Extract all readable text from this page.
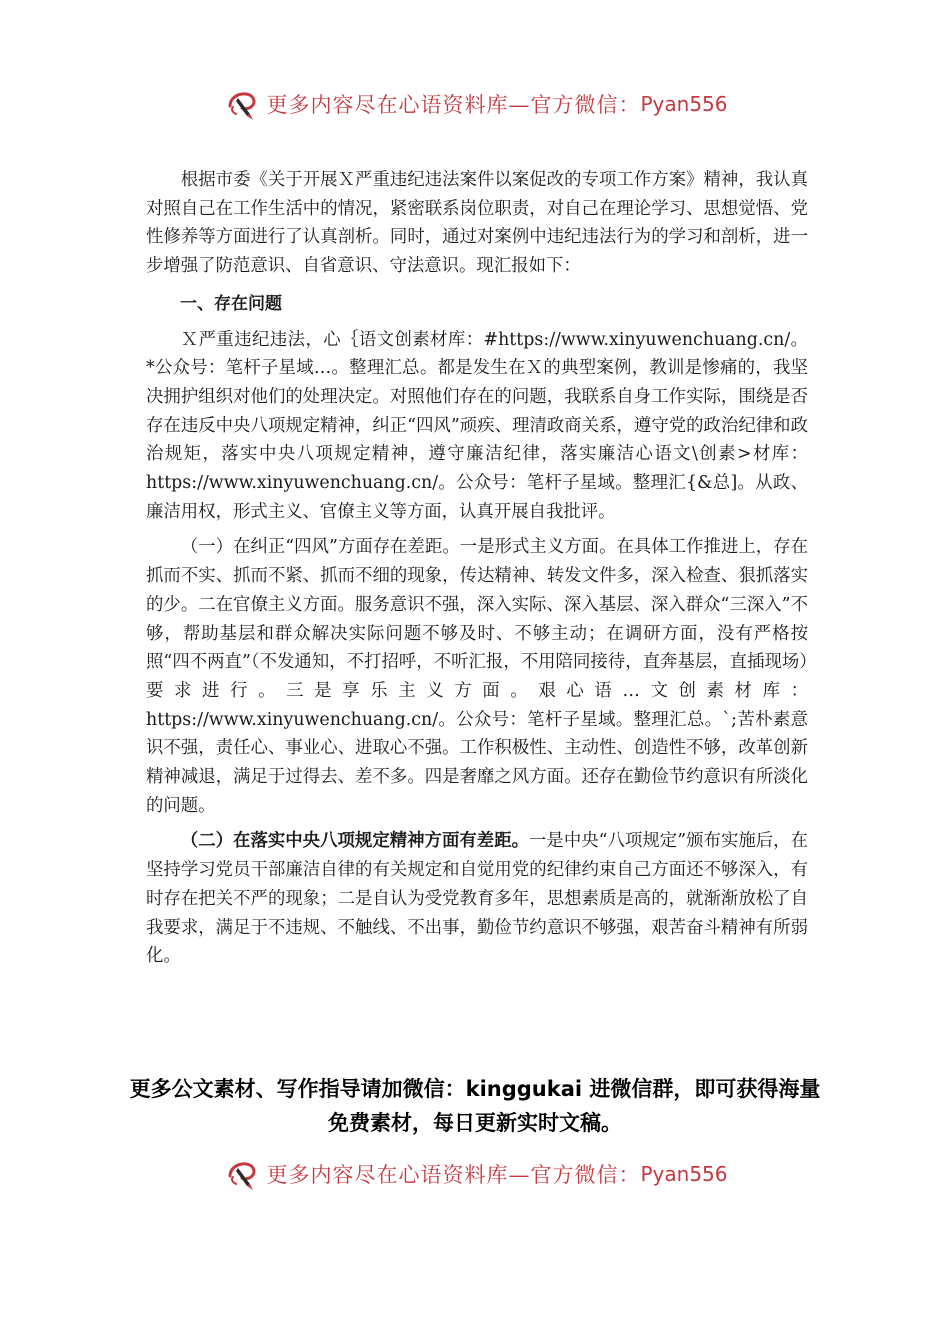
更多内容尽在心语资料库—官方微信： Pyan556

根据市委《关于开展Ｘ严重违纪违法案件以案促改的专项工作方案》精神，我认真对照自己在工作生活中的情况，紧密联系岗位职责，对自己在理论学习、思想觉悟、党性修养等方面进行了认真剖析。同时，通过对案例中违纪违法行为的学习和剖析，进一步增强了防范意识、自省意识、守法意识。现汇报如下：

一、存在问题

Ｘ严重违纪违法，心｛语文创素材库：#https://www.xinyuwenchuang.cn/。*公众号：笔杆子星域…。整理汇总。都是发生在Ｘ的典型案例，教训是惨痛的，我坚决拥护组织对他们的处理决定。对照他们存在的问题，我联系自身工作实际，围绕是否存在违反中央八项规定精神，纠正“四风”顽疾、理清政商关系，遵守党的政治纪律和政治规矩，落实中央八项规定精神，遵守廉洁纪律，落实廉洁心语文\创素>材库：https://www.xinyuwenchuang.cn/。公众号：笔杆子星域。整理汇{&总]。从政、廉洁用权，形式主义、官僚主义等方面，认真开展自我批评。

（一）在纠正“四风”方面存在差距。一是形式主义方面。在具体工作推进上，存在抓而不实、抓而不紧、抓而不细的现象，传达精神、转发文件多，深入检查、狠抓落实的少。二在官僚主义方面。服务意识不强，深入实际、深入基层、深入群众“三深入”不够，帮助基层和群众解决实际问题不够及时、不够主动；在调研方面，没有严格按照“四不两直”（不发通知，不打招呼，不听汇报，不用陪同接待，直奔基层，直插现场）要求进行。三是享乐主义方面。艰心语…文创素材库：https://www.xinyuwenchuang.cn/。公众号：笔杆子星域。整理汇总。`;苦朴素意识不强，责任心、事业心、进取心不强。工作积极性、主动性、创造性不够，改革创新精神减退，满足于过得去、差不多。四是奢靡之风方面。还存在勤俭节约意识有所淡化的问题。

（二）在落实中央八项规定精神方面有差距。一是中央“八项规定”颁布实施后，在坚持学习党员干部廉洁自律的有关规定和自觉用党的纪律约束自己方面还不够深入，有时存在把关不严的现象；二是自认为受党教育多年，思想素质是高的，就渐渐放松了自我要求，满足于不违规、不触线、不出事，勤俭节约意识不够强，艰苦奋斗精神有所弱化。

更多公文素材、写作指导请加微信：kinggukai 进微信群，即可获得海量免费素材，每日更新实时文稿。
更多内容尽在心语资料库—官方微信： Pyan556
